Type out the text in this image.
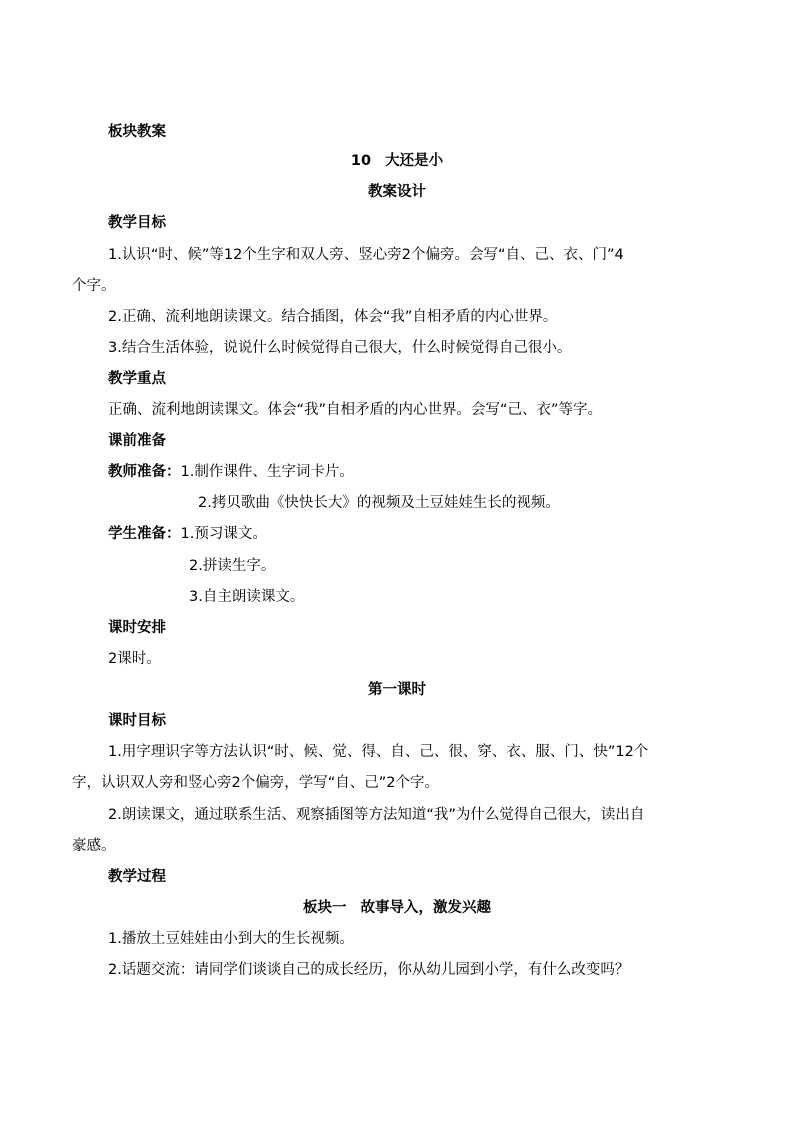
板块教案
10 大还是小
教案设计
教学目标
1.认识“时、候”等12个生字和双人旁、竖心旁2个偏旁。会写“自、己、衣、门”4
个字。
2.正确、流利地朗读课文。结合插图，体会“我”自相矛盾的内心世界。
3.结合生活体验，说说什么时候觉得自己很大，什么时候觉得自己很小。
教学重点
正确、流利地朗读课文。体会“我”自相矛盾的内心世界。会写“己、衣”等字。
课前准备
教师准备：1.制作课件、生字词卡片。
2.拷贝歌曲《快快长大》的视频及土豆娃娃生长的视频。
学生准备：1.预习课文。
2.拼读生字。
3.自主朗读课文。
课时安排
2课时。
第一课时
课时目标
1.用字理识字等方法认识“时、候、觉、得、自、己、很、穿、衣、服、门、快”12个
字，认识双人旁和竖心旁2个偏旁，学写“自、己”2个字。
2.朗读课文，通过联系生活、观察插图等方法知道“我”为什么觉得自己很大，读出自
豪感。
教学过程
板块一 故事导入，激发兴趣
1.播放土豆娃娃由小到大的生长视频。
2.话题交流：请同学们谈谈自己的成长经历，你从幼儿园到小学，有什么改变吗？
